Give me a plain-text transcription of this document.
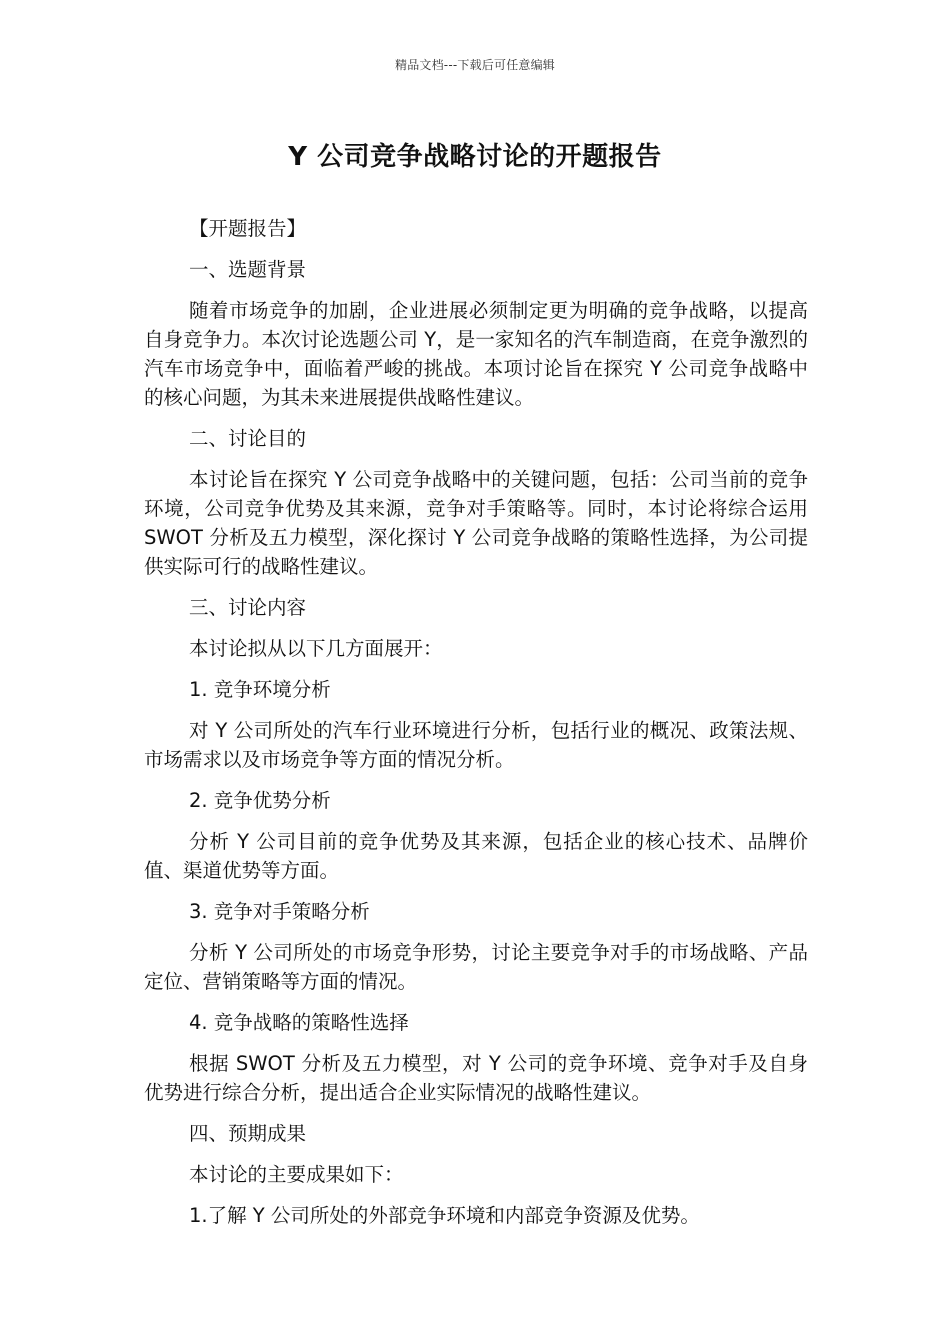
精品文档---下载后可任意编辑
Y 公司竞争战略讨论的开题报告

【开题报告】

一、选题背景

随着市场竞争的加剧，企业进展必须制定更为明确的竞争战略，以提高自身竞争力。本次讨论选题公司 Y，是一家知名的汽车制造商，在竞争激烈的汽车市场竞争中，面临着严峻的挑战。本项讨论旨在探究 Y 公司竞争战略中的核心问题，为其未来进展提供战略性建议。

二、讨论目的

本讨论旨在探究 Y 公司竞争战略中的关键问题，包括：公司当前的竞争环境，公司竞争优势及其来源，竞争对手策略等。同时，本讨论将综合运用 SWOT 分析及五力模型，深化探讨 Y 公司竞争战略的策略性选择，为公司提供实际可行的战略性建议。

三、讨论内容

本讨论拟从以下几方面展开：

1. 竞争环境分析

对 Y 公司所处的汽车行业环境进行分析，包括行业的概况、政策法规、市场需求以及市场竞争等方面的情况分析。

2. 竞争优势分析

分析 Y 公司目前的竞争优势及其来源，包括企业的核心技术、品牌价值、渠道优势等方面。

3. 竞争对手策略分析

分析 Y 公司所处的市场竞争形势，讨论主要竞争对手的市场战略、产品定位、营销策略等方面的情况。

4. 竞争战略的策略性选择

根据 SWOT 分析及五力模型，对 Y 公司的竞争环境、竞争对手及自身优势进行综合分析，提出适合企业实际情况的战略性建议。

四、预期成果

本讨论的主要成果如下：

1.了解 Y 公司所处的外部竞争环境和内部竞争资源及优势。
